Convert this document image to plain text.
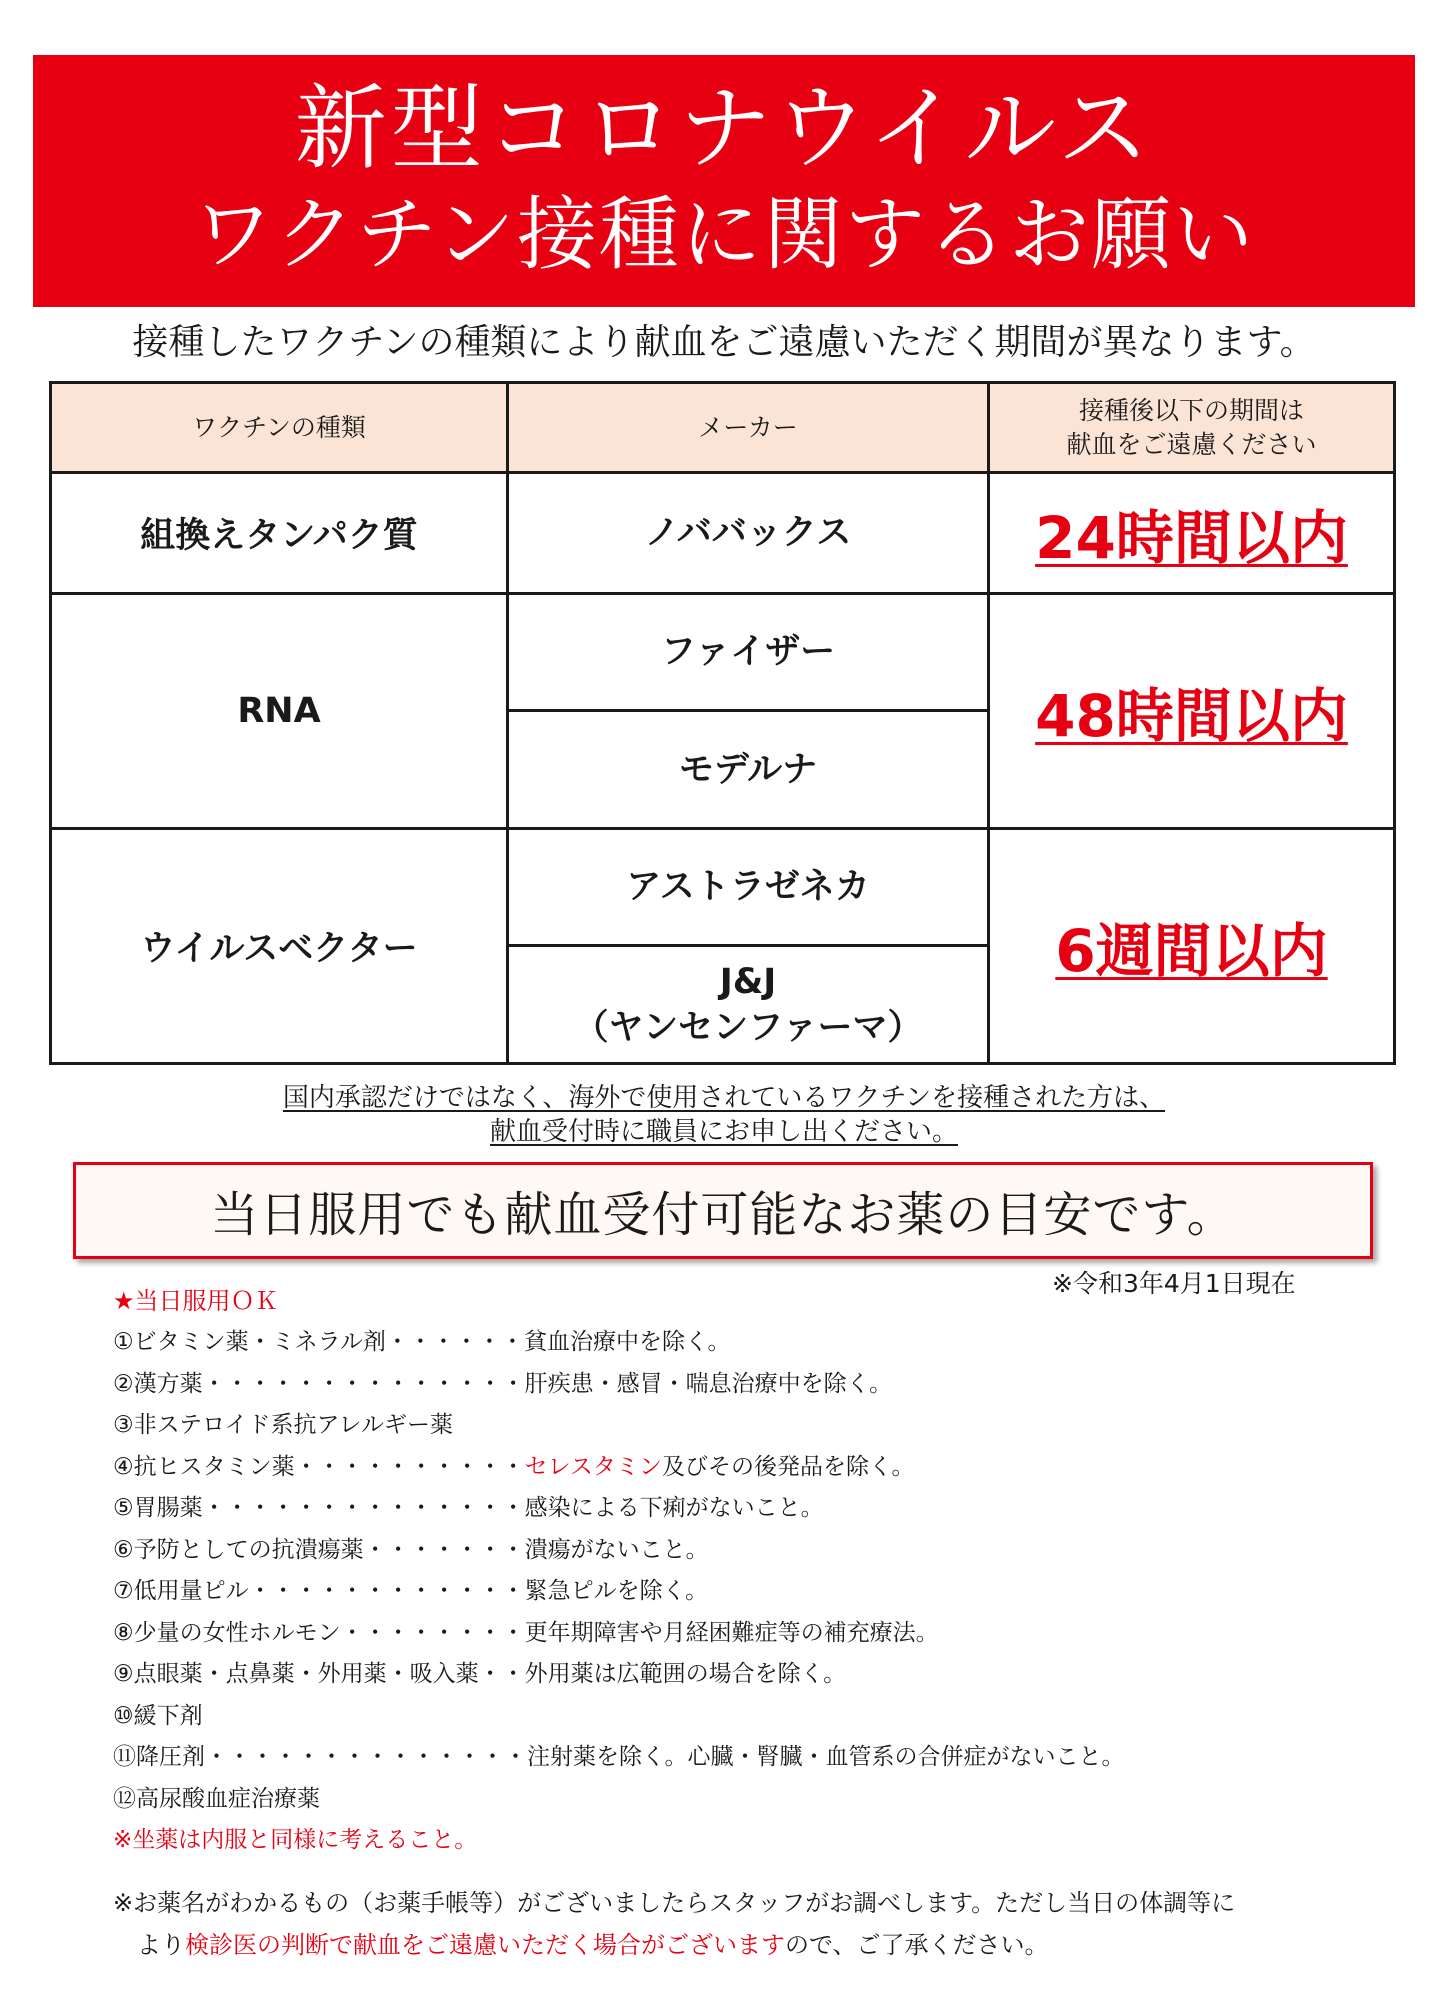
新型コロナウイルス
ワクチン接種に関するお願い
接種したワクチンの種類により献血をご遠慮いただく期間が異なります。
ワクチンの種類	メーカー	接種後以下の期間は
献血をご遠慮ください
組換えタンパク質	ノババックス	24時間以内
RNA	ファイザー	48時間以内
	モデルナ	
ウイルスベクター	アストラゼネカ	6週間以内
	J&J
（ヤンセンファーマ）	
国内承認だけではなく、海外で使用されているワクチンを接種された方は、
献血受付時に職員にお申し出ください。
当日服用でも献血受付可能なお薬の目安です。
※令和3年4月1日現在
★当日服用ＯＫ
①ビタミン薬・ミネラル剤・・・・・・貧血治療中を除く。
②漢方薬・・・・・・・・・・・・・・肝疾患・感冒・喘息治療中を除く。
③非ステロイド系抗アレルギー薬
④抗ヒスタミン薬・・・・・・・・・・セレスタミン及びその後発品を除く。
⑤胃腸薬・・・・・・・・・・・・・・感染による下痢がないこと。
⑥予防としての抗潰瘍薬・・・・・・・潰瘍がないこと。
⑦低用量ピル・・・・・・・・・・・・緊急ピルを除く。
⑧少量の女性ホルモン・・・・・・・・更年期障害や月経困難症等の補充療法。
⑨点眼薬・点鼻薬・外用薬・吸入薬・・外用薬は広範囲の場合を除く。
⑩緩下剤
⑪降圧剤・・・・・・・・・・・・・・注射薬を除く。心臓・腎臓・血管系の合併症がないこと。
⑫高尿酸血症治療薬
※坐薬は内服と同様に考えること。
※お薬名がわかるもの（お薬手帳等）がございましたらスタッフがお調べします。ただし当日の体調等に
より検診医の判断で献血をご遠慮いただく場合がございますので、ご了承ください。
